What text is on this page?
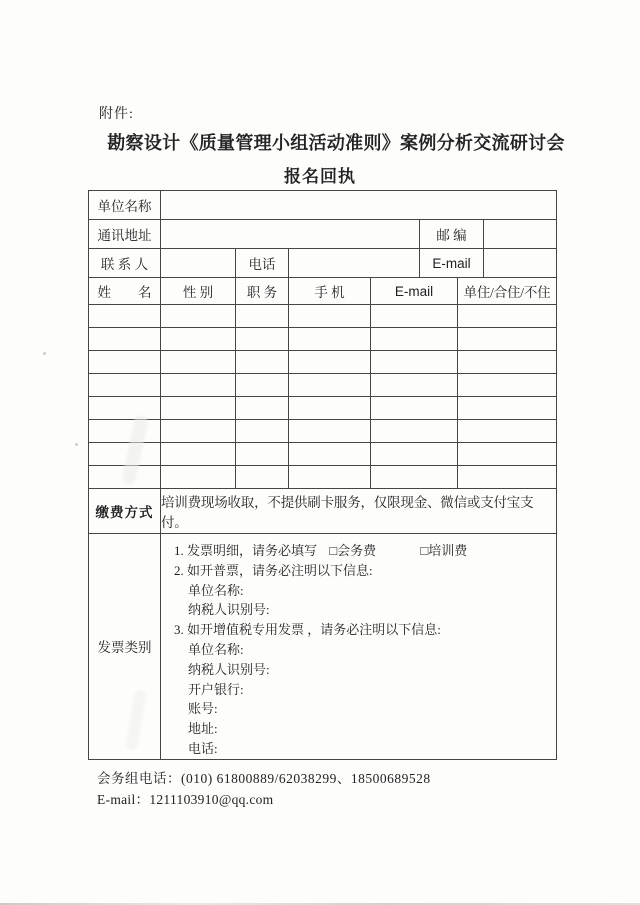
附件:
勘察设计《质量管理小组活动准则》案例分析交流研讨会
报名回执
单位名称					
通讯地址				邮 编	
联 系 人		电话		E-mail	
姓　　名	性 别	职 务	手 机	E-mail	单住/合住/不住

缴费方式	培训费现场收取，不提供刷卡服务，仅限现金、微信或支付宝支付。
发票类别	
1. 发票明细，请务必填写 □会务费	□培训费
2. 如开普票，请务必注明以下信息:
单位名称:
纳税人识别号:
3. 如开增值税专用发票 ，请务必注明以下信息:
单位名称:
纳税人识别号:
开户银行:
账号:
地址:
电话:
会务组电话：(010) 61800889/62038299、18500689528
E-mail：1211103910@qq.com
